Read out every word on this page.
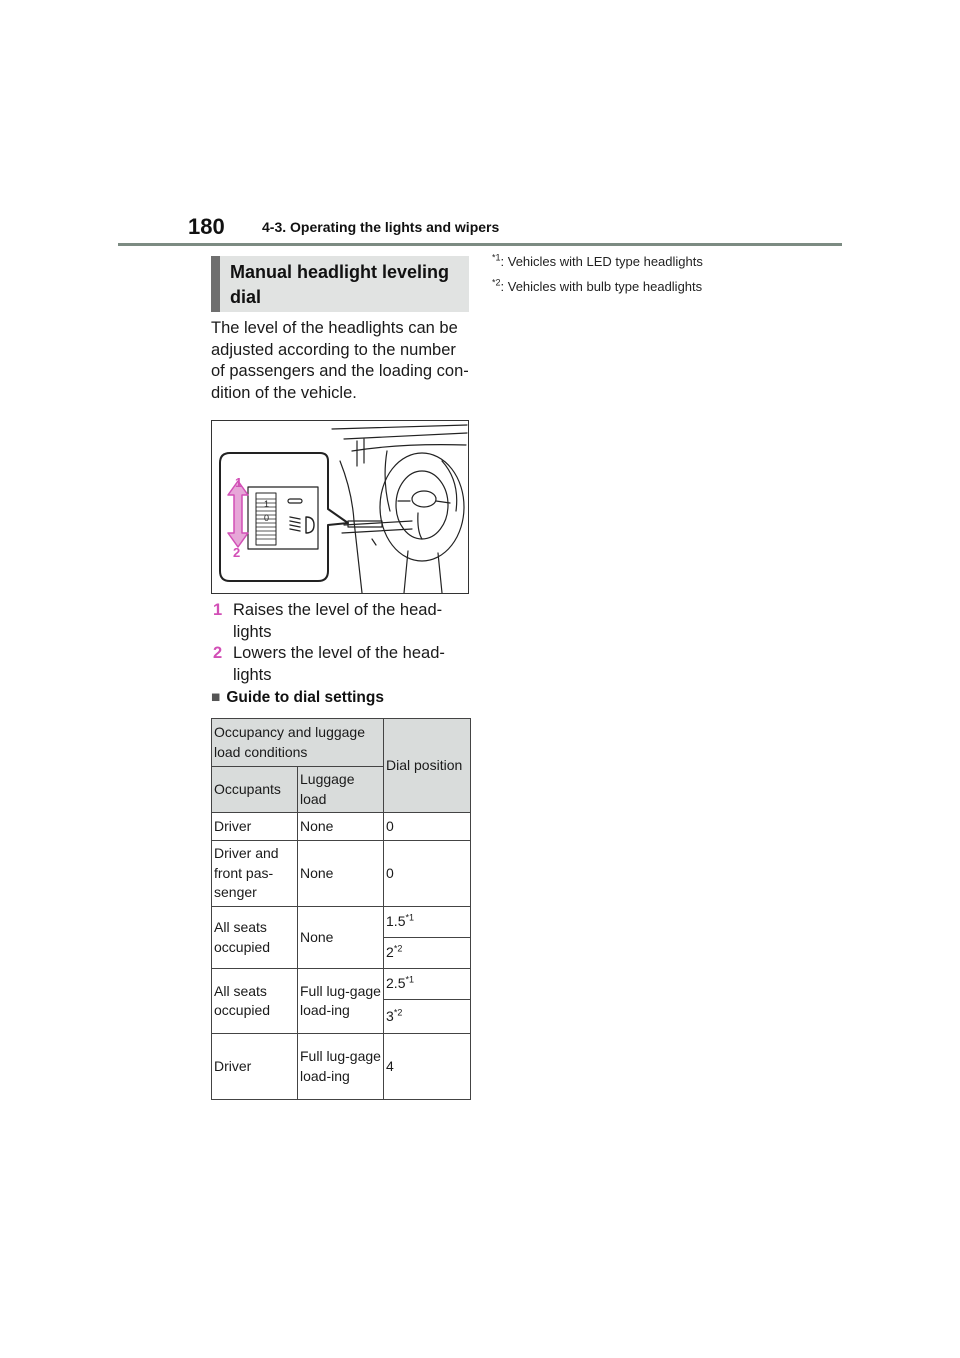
180	4-3. Operating the lights and wipers
Manual headlight leveling dial
The level of the headlights can be adjusted according to the number of passengers and the loading con-dition of the vehicle.
1
0
1
2
1 Raises the level of the head-lights
2 Lowers the level of the head-lights
■ Guide to dial settings
Occupancy and luggage load conditions		Dial position
Occupants	Luggage load	
Driver	None	0
Driver and front pas-senger	None	0
All seats occupied	None	1.5$^{*1}$
		2$^{*2}$
All seats occupied	Full lug-gage load-ing	2.5$^{*1}$
		3$^{*2}$
Driver	Full lug-gage load-ing	4
$^{*1}$: Vehicles with LED type headlights
$^{*2}$: Vehicles with bulb type headlights
